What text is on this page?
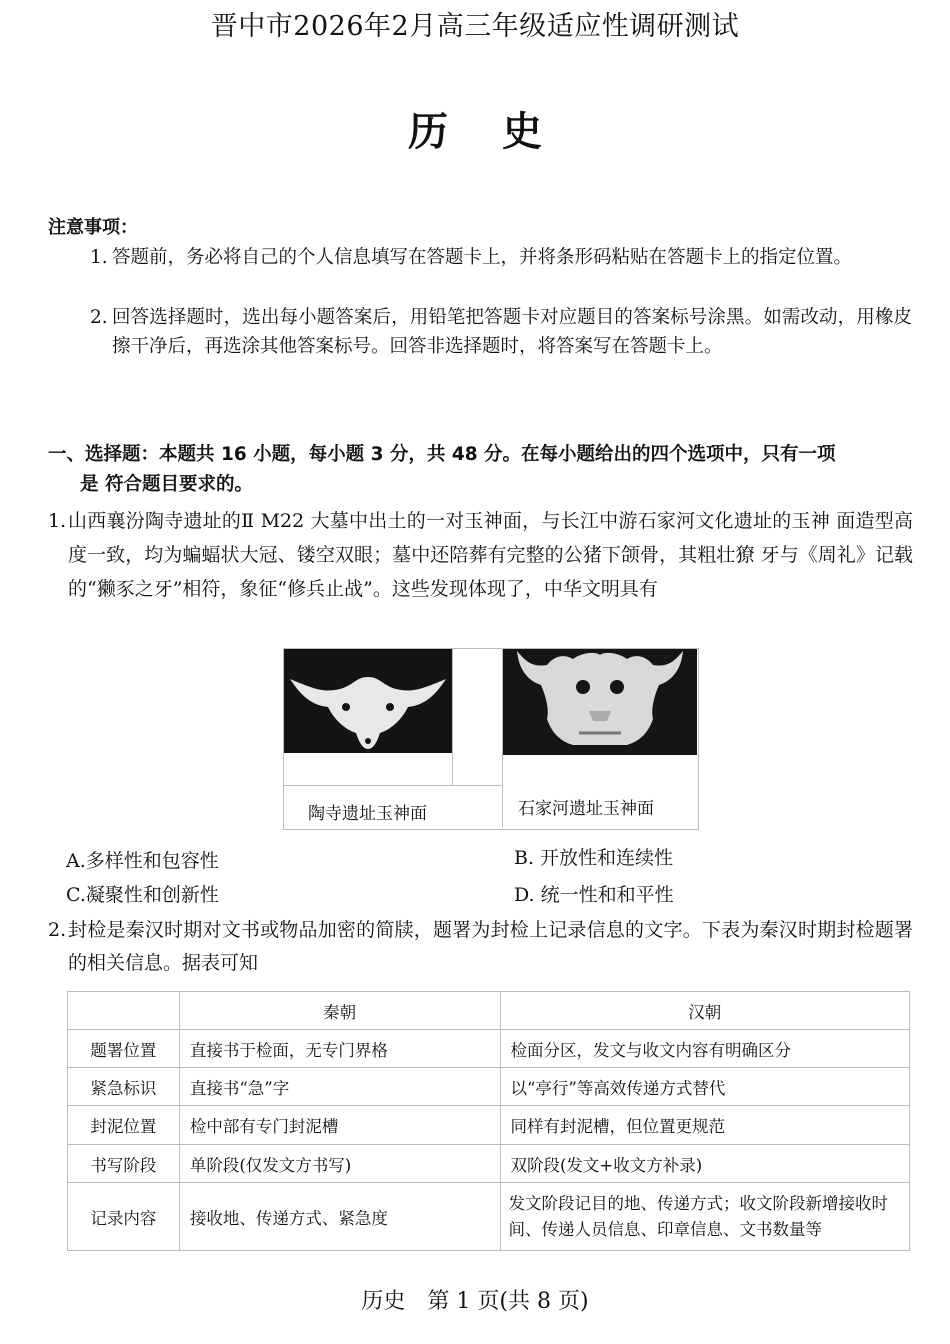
晋中市2026年2月高三年级适应性调研测试
历史
注意事项：
1. 答题前，务必将自己的个人信息填写在答题卡上，并将条形码粘贴在答题卡上的指定位置。
2. 回答选择题时，选出每小题答案后，用铅笔把答题卡对应题目的答案标号涂黑。如需改动，用橡皮擦干净后，再选涂其他答案标号。回答非选择题时，将答案写在答题卡上。
一、选择题：本题共 16 小题，每小题 3 分，共 48 分。在每小题给出的四个选项中，只有一项
是 符合题目要求的。
1. 山西襄汾陶寺遗址的Ⅱ M22 大墓中出土的一对玉神面，与长江中游石家河文化遗址的玉神 面造型高度一致，均为蝙蝠状大冠、镂空双眼；墓中还陪葬有完整的公猪下颌骨，其粗壮獠 牙与《周礼》记载的“獭豕之牙”相符，象征“修兵止战”。这些发现体现了，中华文明具有
陶寺遗址玉神面	石家河遗址玉神面
A.多样性和包容性	B. 开放性和连续性
C.凝聚性和创新性	D. 统一性和和平性
2. 封检是秦汉时期对文书或物品加密的简牍，题署为封检上记录信息的文字。下表为秦汉时期封检题署的相关信息。据表可知
	秦朝	汉朝
题署位置	直接书于检面，无专门界格	检面分区，发文与收文内容有明确区分
紧急标识	直接书“急”字	以“亭行”等高效传递方式替代
封泥位置	检中部有专门封泥槽	同样有封泥槽，但位置更规范
书写阶段	单阶段(仅发文方书写)	双阶段(发文+收文方补录)
记录内容	接收地、传递方式、紧急度	发文阶段记目的地、传递方式；收文阶段新增接收时间、传递人员信息、印章信息、文书数量等
历史　第 1 页(共 8 页)
